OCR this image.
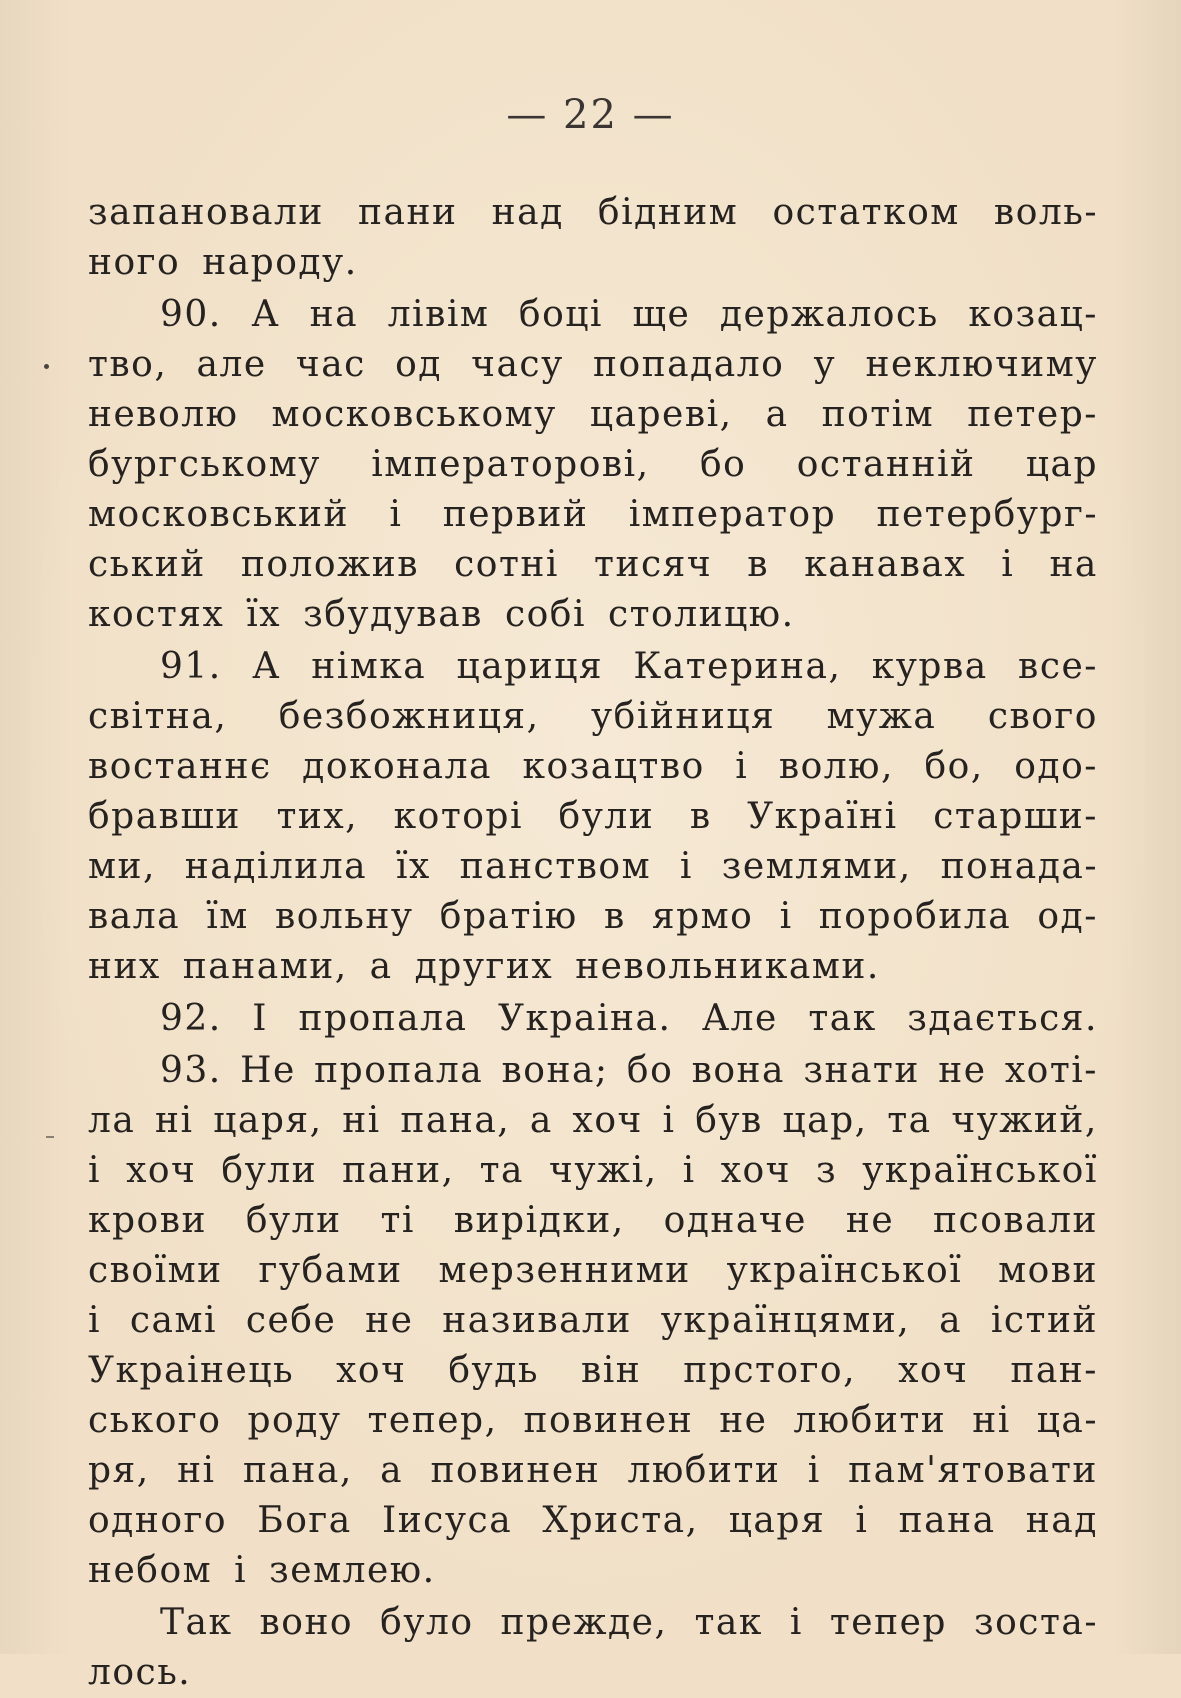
— 22 —
запановали пани над бідним остатком воль-
ного народу.
90. А на лівім боці ще держалось козац-
тво, але час од часу попадало у неключиму
неволю московському цареві, а потім петер-
бургському імператорові, бо останній цар
московський і первий імператор петербург-
ський положив сотні тисяч в канавах і на
костях їх збудував собі столицю.
91. А німка цариця Катерина, курва все-
світна, безбожниця, убійниця мужа свого
востаннє доконала козацтво і волю, бо, одо-
бравши тих, которі були в Україні старши-
ми, наділила їх панством і землями, понада-
вала їм вольну братію в ярмо і поробила од-
них панами, а других невольниками.
92. І пропала Украіна. Але так здається.
93. Не пропала вона; бо вона знати не хоті-
ла ні царя, ні пана, а хоч і був цар, та чужий,
і хоч були пани, та чужі, і хоч з української
крови були ті вирідки, одначе не псовали
своїми губами мерзенними української мови
і самі себе не називали українцями, а істий
Украінець хоч будь він прстого, хоч пан-
ського роду тепер, повинен не любити ні ца-
ря, ні пана, а повинен любити і пам'ятовати
одного Бога Іисуса Христа, царя і пана над
небом і землею.
Так воно було прежде, так і тепер зоста-
лось.
